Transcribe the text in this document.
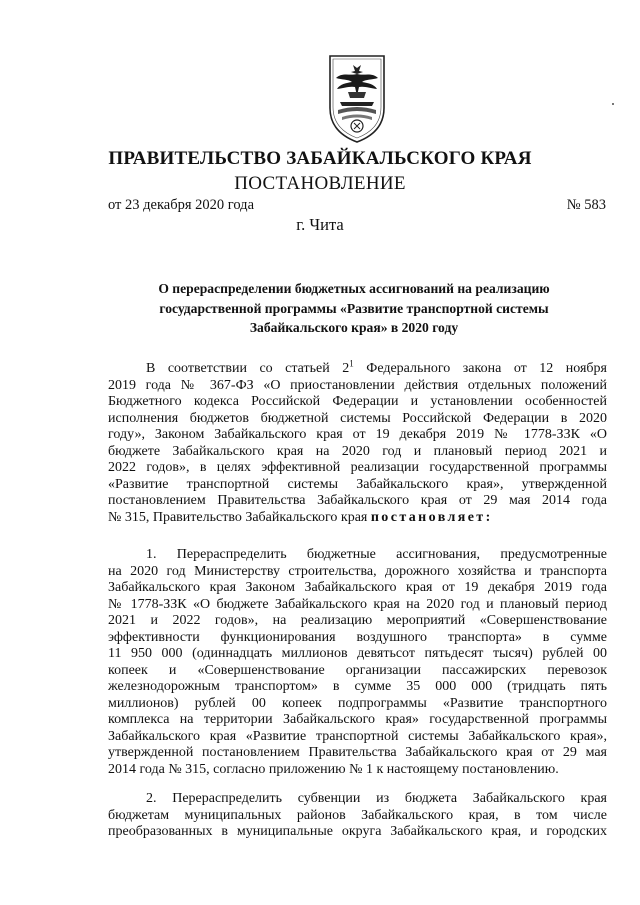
ПРАВИТЕЛЬСТВО ЗАБАЙКАЛЬСКОГО КРАЯ
ПОСТАНОВЛЕНИЕ
от 23 декабря 2020 года	№ 583
г. Чита
О перераспределении бюджетных ассигнований на реализацию
государственной программы «Развитие транспортной системы
Забайкальского края» в 2020 году
В соответствии со статьей $2^1$ Федерального закона от 12 ноября
2019 года № 367-ФЗ «О приостановлении действия отдельных положений
Бюджетного кодекса Российской Федерации и установлении особенностей
исполнения бюджетов бюджетной системы Российской Федерации в 2020
году», Законом Забайкальского края от 19 декабря 2019 № 1778-ЗЗК «О
бюджете Забайкальского края на 2020 год и плановый период 2021 и
2022 годов», в целях эффективной реализации государственной программы
«Развитие транспортной системы Забайкальского края», утвержденной
постановлением Правительства Забайкальского края от 29 мая 2014 года
№ 315, Правительство Забайкальского края постановляет:
1. Перераспределить бюджетные ассигнования, предусмотренные
на 2020 год Министерству строительства, дорожного хозяйства и транспорта
Забайкальского края Законом Забайкальского края от 19 декабря 2019 года
№ 1778-ЗЗК «О бюджете Забайкальского края на 2020 год и плановый период
2021 и 2022 годов», на реализацию мероприятий «Совершенствование
эффективности функционирования воздушного транспорта» в сумме
11 950 000 (одиннадцать миллионов девятьсот пятьдесят тысяч) рублей 00
копеек и «Совершенствование организации пассажирских перевозок
железнодорожным транспортом» в сумме 35 000 000 (тридцать пять
миллионов) рублей 00 копеек подпрограммы «Развитие транспортного
комплекса на территории Забайкальского края» государственной программы
Забайкальского края «Развитие транспортной системы Забайкальского края»,
утвержденной постановлением Правительства Забайкальского края от 29 мая
2014 года № 315, согласно приложению № 1 к настоящему постановлению.
2. Перераспределить субвенции из бюджета Забайкальского края
бюджетам муниципальных районов Забайкальского края, в том числе
преобразованных в муниципальные округа Забайкальского края, и городских
